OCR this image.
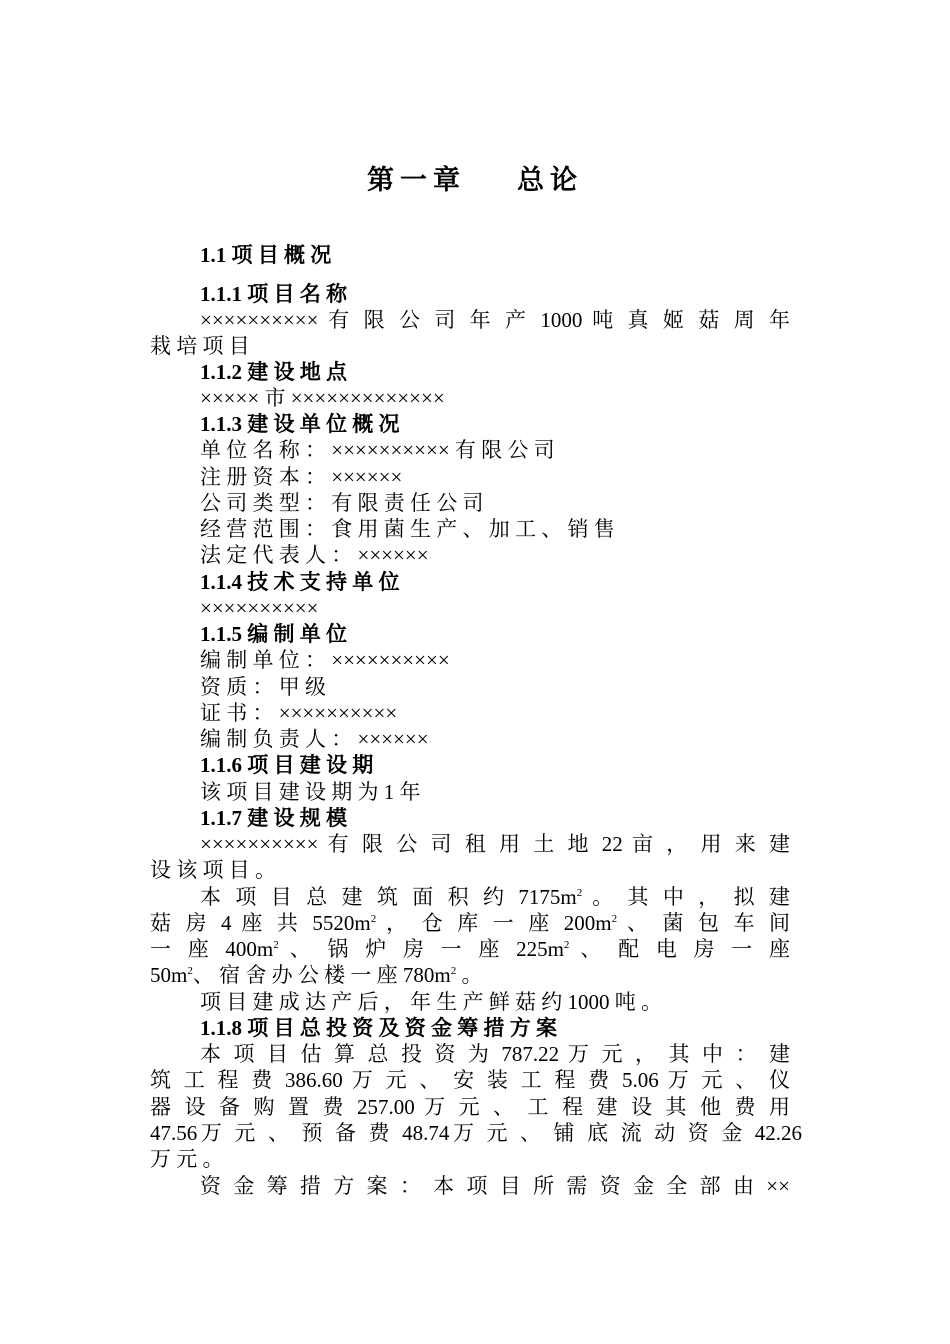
第一章    总论
1.1 项 目 概 况
1.1.1 项 目 名 称
×××××××××× 有 限 公 司 年 产 1000 吨 真 姬 菇 周 年
栽 培 项 目
1.1.2 建 设 地 点
××××× 市 ×××××××××××××
1.1.3 建 设 单 位 概 况
单 位 名 称 ： ×××××××××× 有 限 公 司
注 册 资 本 ： ××××××
公 司 类 型 ： 有 限 责 任 公 司
经 营 范 围 ： 食 用 菌 生 产 、 加 工 、 销 售
法 定 代 表 人 ： ××××××
1.1.4 技 术 支 持 单 位
××××××××××
1.1.5 编 制 单 位
编 制 单 位 ： ××××××××××
资 质 ： 甲 级
证 书 ： ××××××××××
编 制 负 责 人 ： ××××××
1.1.6 项 目 建 设 期
该 项 目 建 设 期 为 1 年
1.1.7 建 设 规 模
×××××××××× 有 限 公 司 租 用 土 地 22 亩 ， 用 来 建
设 该 项 目 。
本 项 目 总 建 筑 面 积 约 $7175m^2$ 。 其 中 ， 拟 建
菇 房 4 座 共 $5520m^2$ ， 仓 库 一 座 $200m^2$ 、 菌 包 车 间
一 座 $400m^2$ 、 锅 炉 房 一 座 $225m^2$ 、 配 电 房 一 座
$50m^2$、 宿 舍 办 公 楼 一 座 $780m^2$ 。
项 目 建 成 达 产 后 ， 年 生 产 鲜 菇 约 1000 吨 。
1.1.8 项 目 总 投 资 及 资 金 筹 措 方 案
本 项 目 估 算 总 投 资 为 787.22 万 元 ， 其 中 ： 建
筑 工 程 费 386.60 万 元 、 安 装 工 程 费 5.06 万 元 、 仪
器 设 备 购 置 费 257.00 万 元 、 工 程 建 设 其 他 费 用
47.56万 元 、 预 备 费 48.74万 元 、 铺 底 流 动 资 金 42.26
万 元 。
资 金 筹 措 方 案 ： 本 项 目 所 需 资 金 全 部 由 ××
